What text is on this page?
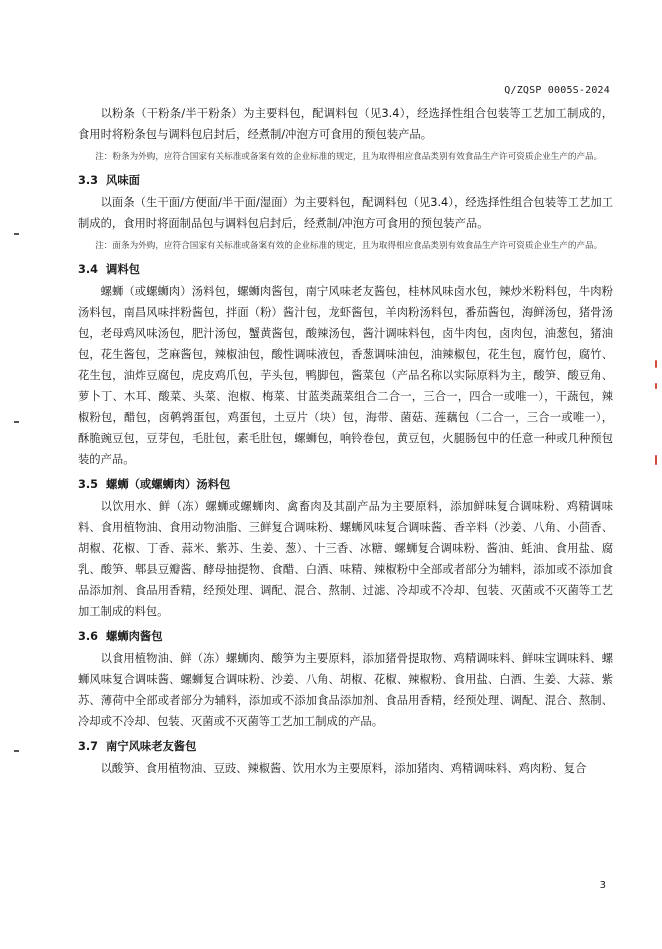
Q/ZQSP 0005S-2024

以粉条（干粉条/半干粉条）为主要料包，配调料包（见3.4），经选择性组合包装等工艺加工制成的，食用时将粉条包与调料包启封后，经煮制/冲泡方可食用的预包装产品。

注：粉条为外购，应符合国家有关标准或备案有效的企业标准的规定，且为取得相应食品类别有效食品生产许可资质企业生产的产品。

3.3 风味面

以面条（生干面/方便面/半干面/湿面）为主要料包，配调料包（见3.4），经选择性组合包装等工艺加工制成的，食用时将面制品包与调料包启封后，经煮制/冲泡方可食用的预包装产品。

注：面条为外购，应符合国家有关标准或备案有效的企业标准的规定，且为取得相应食品类别有效食品生产许可资质企业生产的产品。

3.4 调料包

螺蛳（或螺蛳肉）汤料包，螺蛳肉酱包，南宁风味老友酱包，桂林风味卤水包，辣炒米粉料包，牛肉粉汤料包，南昌风味拌粉酱包，拌面（粉）酱汁包，龙虾酱包，羊肉粉汤料包，番茄酱包，海鲜汤包，猪骨汤包，老母鸡风味汤包，肥汁汤包，蟹黄酱包，酸辣汤包，酱汁调味料包，卤牛肉包，卤肉包，油葱包，猪油包，花生酱包，芝麻酱包，辣椒油包，酸性调味液包，香葱调味油包，油辣椒包，花生包，腐竹包，腐竹、花生包，油炸豆腐包，虎皮鸡爪包，芋头包，鸭脚包，酱菜包（产品名称以实际原料为主，酸笋、酸豆角、萝卜丁、木耳、酸菜、头菜、泡椒、梅菜、甘蓝类蔬菜组合二合一，三合一，四合一或唯一），干蔬包，辣椒粉包，醋包，卤鹌鹑蛋包，鸡蛋包，土豆片（块）包，海带、菌菇、莲藕包（二合一，三合一或唯一），酥脆豌豆包，豆芽包，毛肚包，素毛肚包，螺蛳包，响铃卷包，黄豆包，火腿肠包中的任意一种或几种预包装的产品。

3.5 螺蛳（或螺蛳肉）汤料包

以饮用水、鲜（冻）螺蛳或螺蛳肉、禽畜肉及其副产品为主要原料，添加鲜味复合调味粉、鸡精调味料、食用植物油、食用动物油脂、三鲜复合调味粉、螺蛳风味复合调味酱、香辛料（沙姜、八角、小茴香、胡椒、花椒、丁香、蒜米、紫苏、生姜、葱）、十三香、冰糖、螺蛳复合调味粉、酱油、蚝油、食用盐、腐乳、酸笋、郫县豆瓣酱、酵母抽提物、食醋、白酒、味精、辣椒粉中全部或者部分为辅料，添加或不添加食品添加剂、食品用香精，经预处理、调配、混合、熬制、过滤、冷却或不冷却、包装、灭菌或不灭菌等工艺加工制成的料包。

3.6 螺蛳肉酱包

以食用植物油、鲜（冻）螺蛳肉、酸笋为主要原料，添加猪骨提取物、鸡精调味料、鲜味宝调味料、螺蛳风味复合调味酱、螺蛳复合调味粉、沙姜、八角、胡椒、花椒、辣椒粉、食用盐、白酒、生姜、大蒜、紫苏、薄荷中全部或者部分为辅料，添加或不添加食品添加剂、食品用香精，经预处理、调配、混合、熬制、冷却或不冷却、包装、灭菌或不灭菌等工艺加工制成的产品。

3.7 南宁风味老友酱包

以酸笋、食用植物油、豆豉、辣椒酱、饮用水为主要原料，添加猪肉、鸡精调味料、鸡肉粉、复合

3
